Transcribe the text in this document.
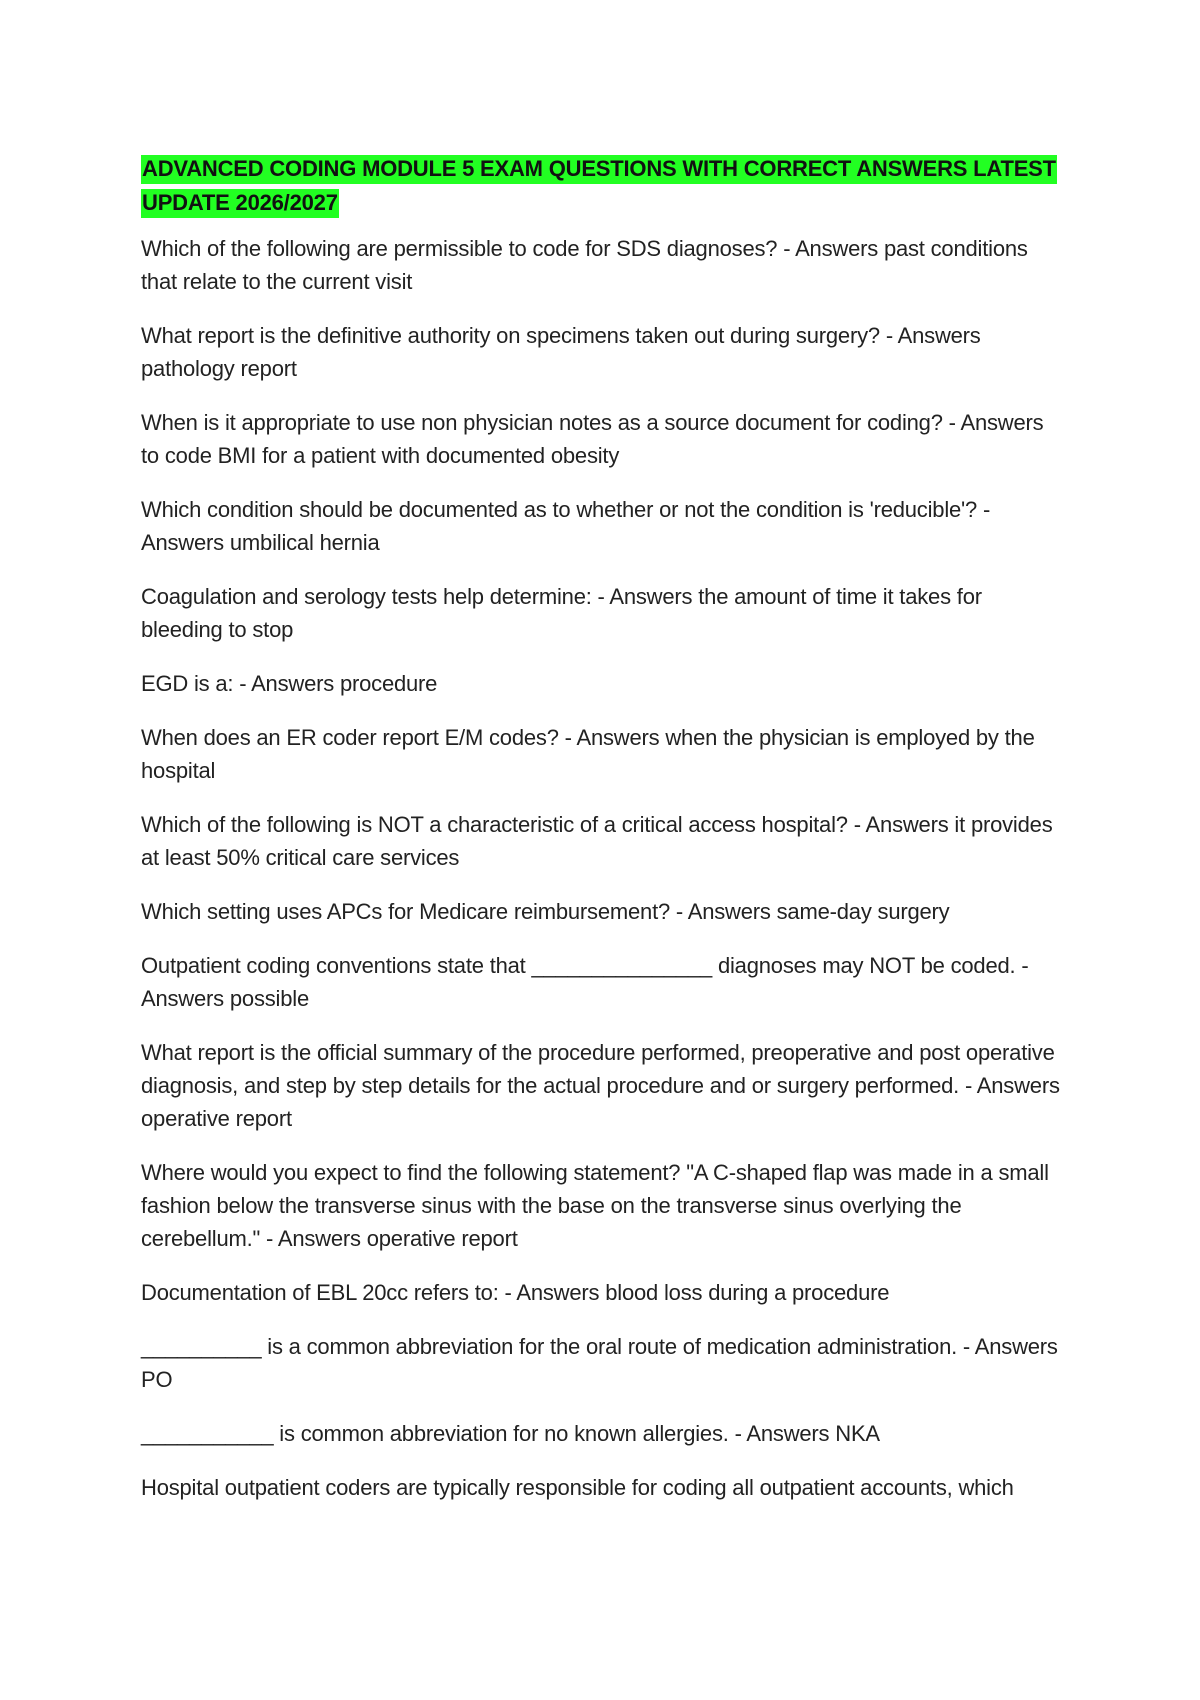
ADVANCED CODING MODULE 5 EXAM QUESTIONS WITH CORRECT ANSWERS LATEST UPDATE 2026/2027

Which of the following are permissible to code for SDS diagnoses? - Answers past conditions that relate to the current visit

What report is the definitive authority on specimens taken out during surgery? - Answers pathology report

When is it appropriate to use non physician notes as a source document for coding? - Answers to code BMI for a patient with documented obesity

Which condition should be documented as to whether or not the condition is 'reducible'? - Answers umbilical hernia

Coagulation and serology tests help determine: - Answers the amount of time it takes for bleeding to stop

EGD is a: - Answers procedure

When does an ER coder report E/M codes? - Answers when the physician is employed by the hospital

Which of the following is NOT a characteristic of a critical access hospital? - Answers it provides at least 50% critical care services

Which setting uses APCs for Medicare reimbursement? - Answers same-day surgery

Outpatient coding conventions state that _______________ diagnoses may NOT be coded. - Answers possible

What report is the official summary of the procedure performed, preoperative and post operative diagnosis, and step by step details for the actual procedure and or surgery performed. - Answers operative report

Where would you expect to find the following statement? "A C-shaped flap was made in a small fashion below the transverse sinus with the base on the transverse sinus overlying the cerebellum." - Answers operative report

Documentation of EBL 20cc refers to: - Answers blood loss during a procedure

__________ is a common abbreviation for the oral route of medication administration. - Answers PO

___________ is common abbreviation for no known allergies. - Answers NKA

Hospital outpatient coders are typically responsible for coding all outpatient accounts, which
